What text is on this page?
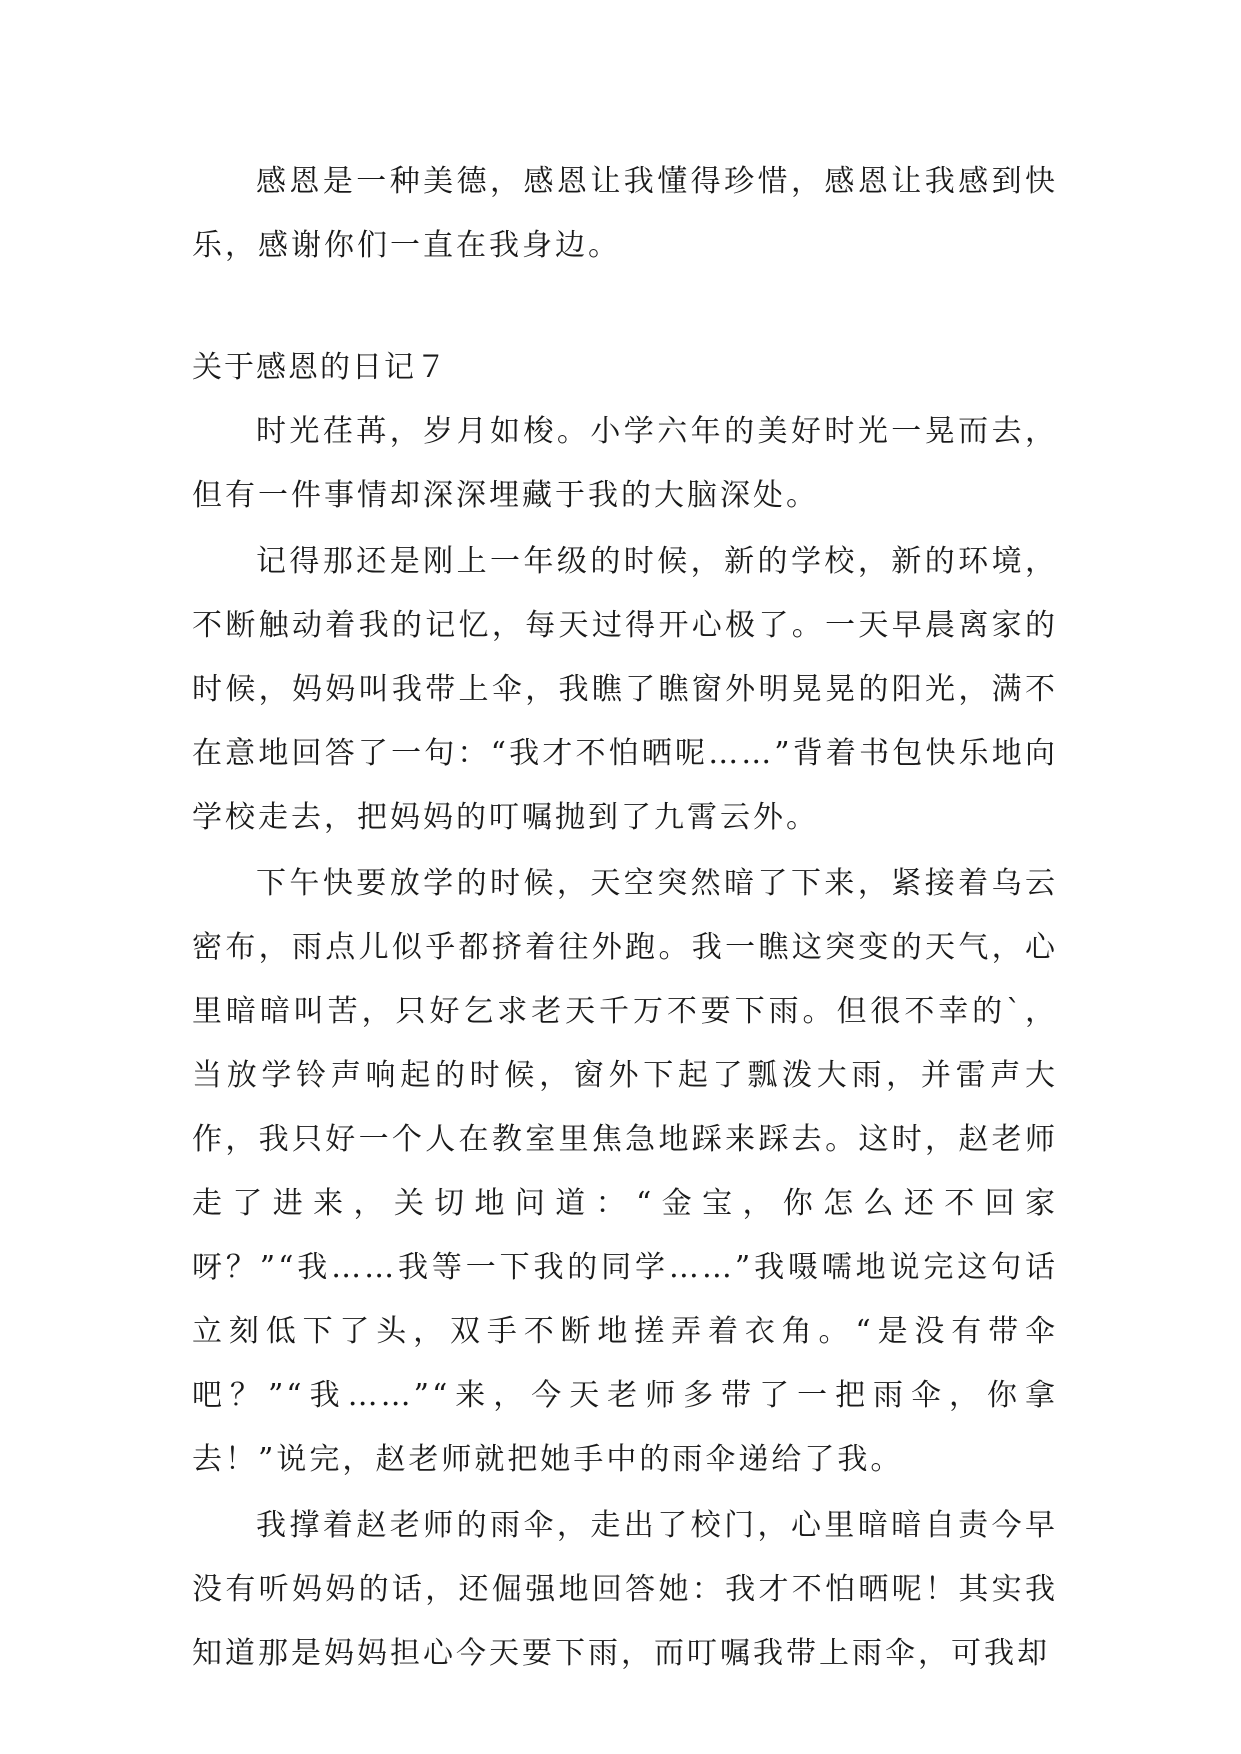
感恩是一种美德，感恩让我懂得珍惜，感恩让我感到快乐，感谢你们一直在我身边。

关于感恩的日记７

时光荏苒，岁月如梭。小学六年的美好时光一晃而去，但有一件事情却深深埋藏于我的大脑深处。

记得那还是刚上一年级的时候，新的学校，新的环境，不断触动着我的记忆，每天过得开心极了。一天早晨离家的时候，妈妈叫我带上伞，我瞧了瞧窗外明晃晃的阳光，满不在意地回答了一句：“我才不怕晒呢……”背着书包快乐地向学校走去，把妈妈的叮嘱抛到了九霄云外。

下午快要放学的时候，天空突然暗了下来，紧接着乌云密布，雨点儿似乎都挤着往外跑。我一瞧这突变的天气，心里暗暗叫苦，只好乞求老天千万不要下雨。但很不幸的`，当放学铃声响起的时候，窗外下起了瓢泼大雨，并雷声大作，我只好一个人在教室里焦急地踩来踩去。这时，赵老师走了进来，关切地问道：“金宝，你怎么还不回家呀？”“我……我等一下我的同学……”我嗫嚅地说完这句话立刻低下了头，双手不断地搓弄着衣角。“是没有带伞吧？”“我……”“来，今天老师多带了一把雨伞，你拿去！”说完，赵老师就把她手中的雨伞递给了我。

我撑着赵老师的雨伞，走出了校门，心里暗暗自责今早没有听妈妈的话，还倔强地回答她：我才不怕晒呢！其实我知道那是妈妈担心今天要下雨，而叮嘱我带上雨伞，可我却
